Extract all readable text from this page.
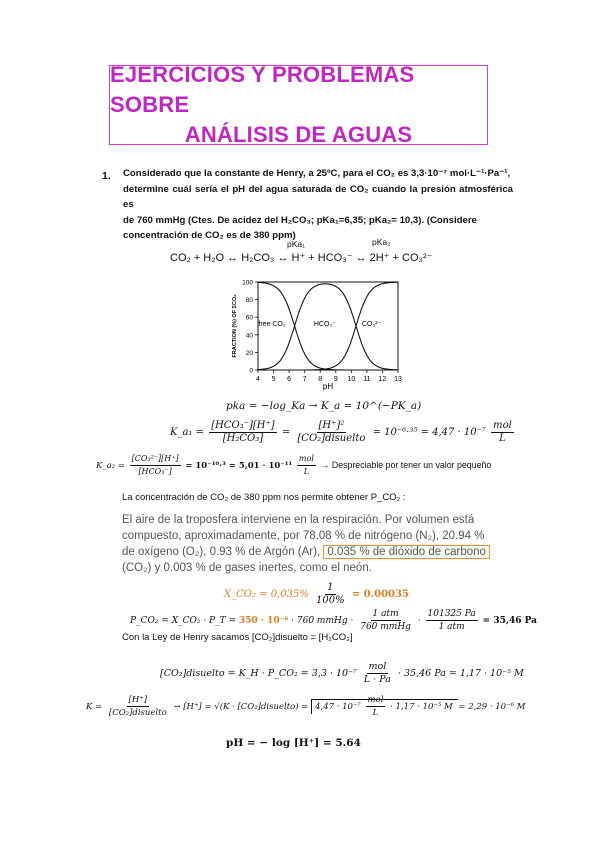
EJERCICIOS Y PROBLEMAS SOBRE
ANÁLISIS DE AGUAS
1. Considerado que la constante de Henry, a 25ºC, para el CO₂ es 3,3·10⁻⁷ mol·L⁻¹·Pa⁻¹,

determine cuál sería el pH del agua saturada de CO₂ cuando la presión atmosférica es

de 760 mmHg (Ctes. De acidez del H₂CO₃; pKa₁=6,35; pKa₂= 10,3). (Considere

concentración de CO₂ es de 380 ppm)

pKa₁	pKa₂
CO₂ + H₂O ↔ H₂CO₃ ↔ H⁺ + HCO₃⁻ ↔ 2H⁺ + CO₃²⁻
4 5 6 7 8 9 10 11 12 13
0
20
40
60
80
100
pH
FRACTION (%) OF ΣCO₂	free CO₂	HCO₃⁻	CO₃²⁻
pka = −log_Ka → K_a = 10^(−PK_a)
K_a₁ = $\frac{\text{[HCO₃⁻][H⁺]}}{\text{[H₂CO₃]}} = \frac{\text{[H⁺]²}}{\text{[CO₂]disuelto}} = 10^{-6}\cdot^{35} = 4,47 \cdot 10^{-7} \frac{\text{mol}}{L}$
K_a₂ = $\frac{\text{[CO₃²⁻][H⁺]}}{\text{[HCO₃⁻]}} = 10^{-10}\cdot^3 = 5,01 \cdot 10^{-11} \frac{\text{mol}}{L}$ → Despreciable por tener un valor pequeño
La concentración de CO₂ de 380 ppm nos permite obtener P_CO₂ :

El aire de la troposfera interviene en la respiración. Por volumen está

compuesto, aproximadamente, por 78.08 % de nitrógeno (N₂), 20.94 %

de oxígeno (O₂), 0.93 % de Argón (Ar), 0.035 % de dióxido de carbono

(CO₂) y 0.003 % de gases inertes, como el neón.

X_CO₂ = $0,035\% \frac{1}{100\%} = 0.00035$
P_CO₂ = X_CO₂ · P_T = 350 · 10⁻⁶ · 760 mmHg · $\frac{\text{1 atm}}{\text{760 mmHg}} \cdot \frac{101325 Pa}{\text{1 atm}} = 35,46$ Pa
Con la Ley de Henry sacamos [CO₂]disuelto = [H₂CO₃]
[CO₂]disuelto = K_H · P_CO₂ = $3,3 \cdot 10^{-7} \frac{\text{mol}}{L \cdot Pa} \cdot 35,46$ Pa = 1,17 · 10⁻⁵ M
$K = \frac{[H^+]}{\text{[CO₂]disuelto}} \to [H^+] = √(K$ · [CO₂]disuelto) = $4,47 \cdot 10^{-7} \frac{\text{mol}}{L} \cdot 1,17 \cdot 10^{-5}$ M = 2,29 · 10⁻⁶ M
pH = − log [H⁺] = 5.64
